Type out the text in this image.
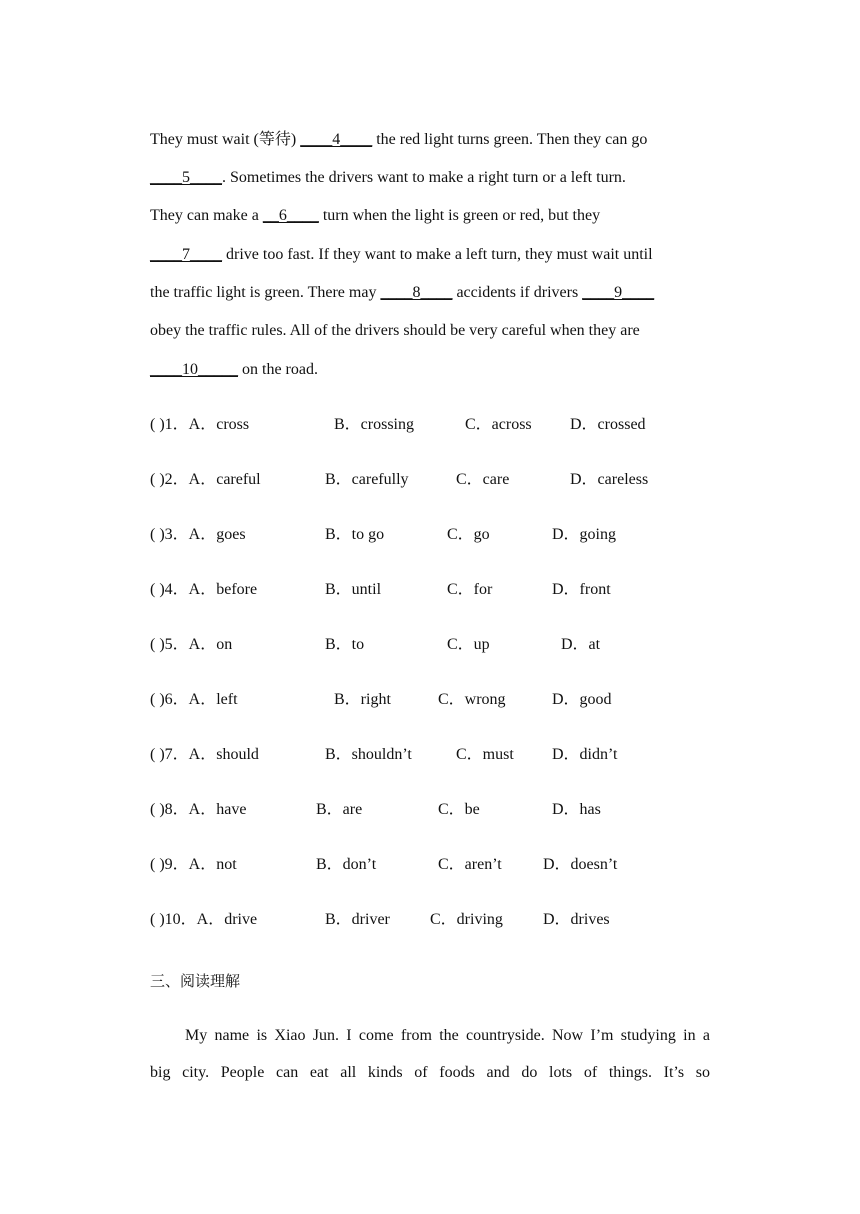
They must wait (等待) ____4____ the red light turns green. Then they can go
____5____. Sometimes the drivers want to make a right turn or a left turn.
They can make a __6____ turn when the light is green or red, but they
____7____ drive too fast. If they want to make a left turn, they must wait until
the traffic light is green. There may ____8____ accidents if drivers ____9____
obey the traffic rules. All of the drivers should be very careful when they are
____10_____ on the road.
( )1．A．cross	B．crossing	C．across D．crossed
( )2．A．careful	B．carefully	C．care	D．careless
( )3．A．goes	B．to go	C．go	D．going
( )4．A．before	B．until	C．for	D．front
( )5．A．on	B．to	C．up	D．at
( )6．A．left	B．right	C．wrong	D．good
( )7．A．should	B．shouldn’t	C．must D．didn’t
( )8．A．have	B．are	C．be	D．has
( )9．A．not	B．don’t	C．aren’t	D．doesn’t
( )10．A．drive	B．driver	C．driving	D．drives
三、阅读理解
My name is Xiao Jun. I come from the countryside. Now I’m studying in a
big city. People can eat all kinds of foods and do lots of things. It’s so
